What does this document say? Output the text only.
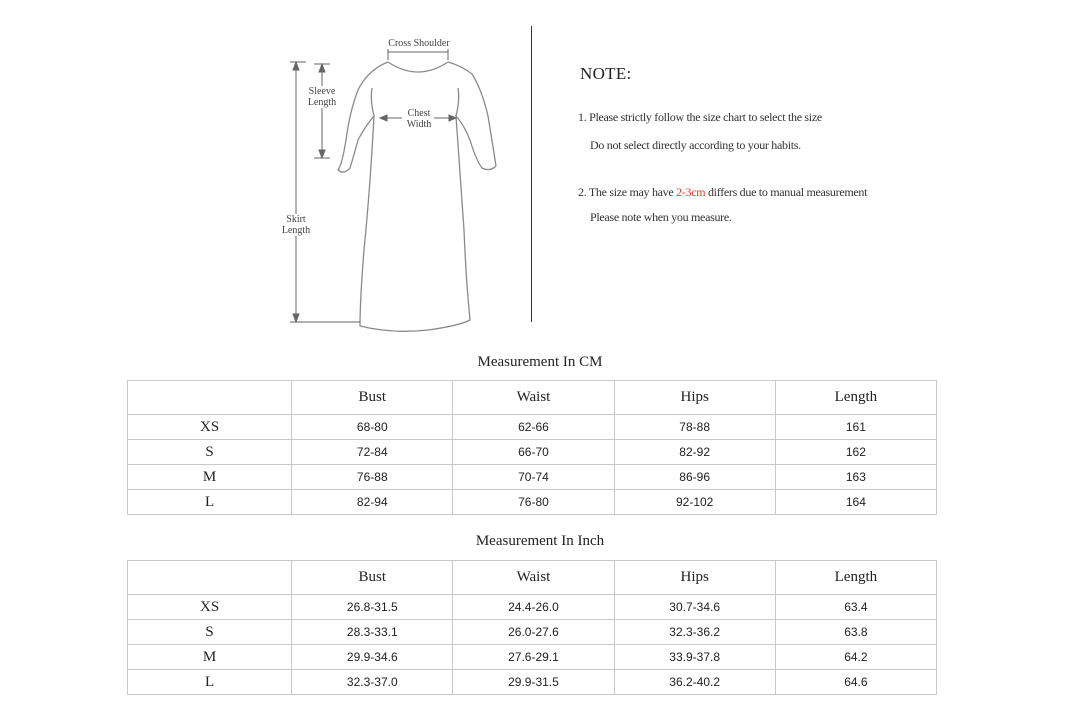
Cross Shoulder
Sleeve Length
Chest Width
Skirt Length
NOTE:
1. Please strictly follow the size chart to select the size
Do not select directly according to your habits.
2. The size may have 2-3cm differs due to manual measurement
Please note when you measure.
Measurement In CM
	Bust	Waist	Hips	Length
XS	68-80	62-66	78-88	161
S	72-84	66-70	82-92	162
M	76-88	70-74	86-96	163
L	82-94	76-80	92-102	164
Measurement In Inch
	Bust	Waist	Hips	Length
XS	26.8-31.5	24.4-26.0	30.7-34.6	63.4
S	28.3-33.1	26.0-27.6	32.3-36.2	63.8
M	29.9-34.6	27.6-29.1	33.9-37.8	64.2
L	32.3-37.0	29.9-31.5	36.2-40.2	64.6
